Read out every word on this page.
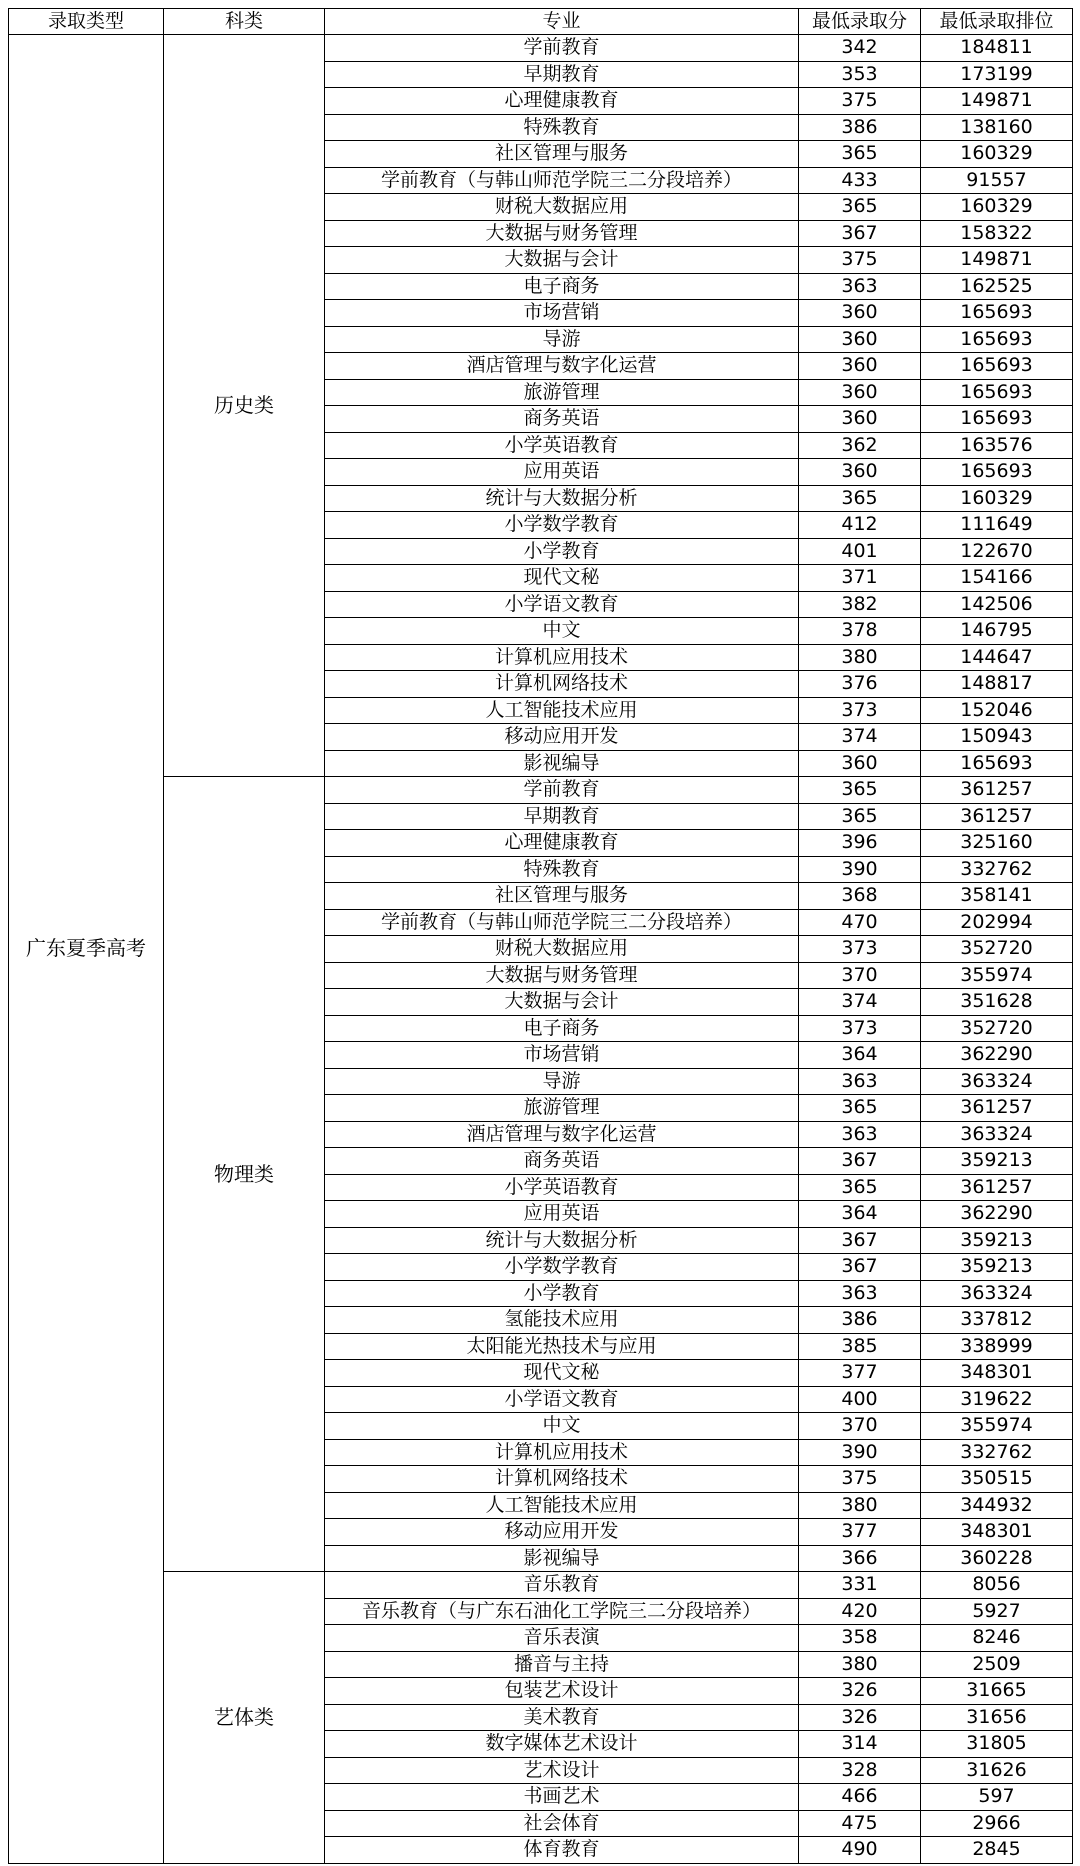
录取类型	科类	专业	最低录取分	最低录取排位
广东夏季高考	历史类	学前教育	342	184811
		早期教育	353	173199
		心理健康教育	375	149871
		特殊教育	386	138160
		社区管理与服务	365	160329
		学前教育（与韩山师范学院三二分段培养）	433	91557
		财税大数据应用	365	160329
		大数据与财务管理	367	158322
		大数据与会计	375	149871
		电子商务	363	162525
		市场营销	360	165693
		导游	360	165693
		酒店管理与数字化运营	360	165693
		旅游管理	360	165693
		商务英语	360	165693
		小学英语教育	362	163576
		应用英语	360	165693
		统计与大数据分析	365	160329
		小学数学教育	412	111649
		小学教育	401	122670
		现代文秘	371	154166
		小学语文教育	382	142506
		中文	378	146795
		计算机应用技术	380	144647
		计算机网络技术	376	148817
		人工智能技术应用	373	152046
		移动应用开发	374	150943
		影视编导	360	165693
	物理类	学前教育	365	361257
		早期教育	365	361257
		心理健康教育	396	325160
		特殊教育	390	332762
		社区管理与服务	368	358141
		学前教育（与韩山师范学院三二分段培养）	470	202994
		财税大数据应用	373	352720
		大数据与财务管理	370	355974
		大数据与会计	374	351628
		电子商务	373	352720
		市场营销	364	362290
		导游	363	363324
		旅游管理	365	361257
		酒店管理与数字化运营	363	363324
		商务英语	367	359213
		小学英语教育	365	361257
		应用英语	364	362290
		统计与大数据分析	367	359213
		小学数学教育	367	359213
		小学教育	363	363324
		氢能技术应用	386	337812
		太阳能光热技术与应用	385	338999
		现代文秘	377	348301
		小学语文教育	400	319622
		中文	370	355974
		计算机应用技术	390	332762
		计算机网络技术	375	350515
		人工智能技术应用	380	344932
		移动应用开发	377	348301
		影视编导	366	360228
	艺体类	音乐教育	331	8056
		音乐教育（与广东石油化工学院三二分段培养）	420	5927
		音乐表演	358	8246
		播音与主持	380	2509
		包装艺术设计	326	31665
		美术教育	326	31656
		数字媒体艺术设计	314	31805
		艺术设计	328	31626
		书画艺术	466	597
		社会体育	475	2966
		体育教育	490	2845
